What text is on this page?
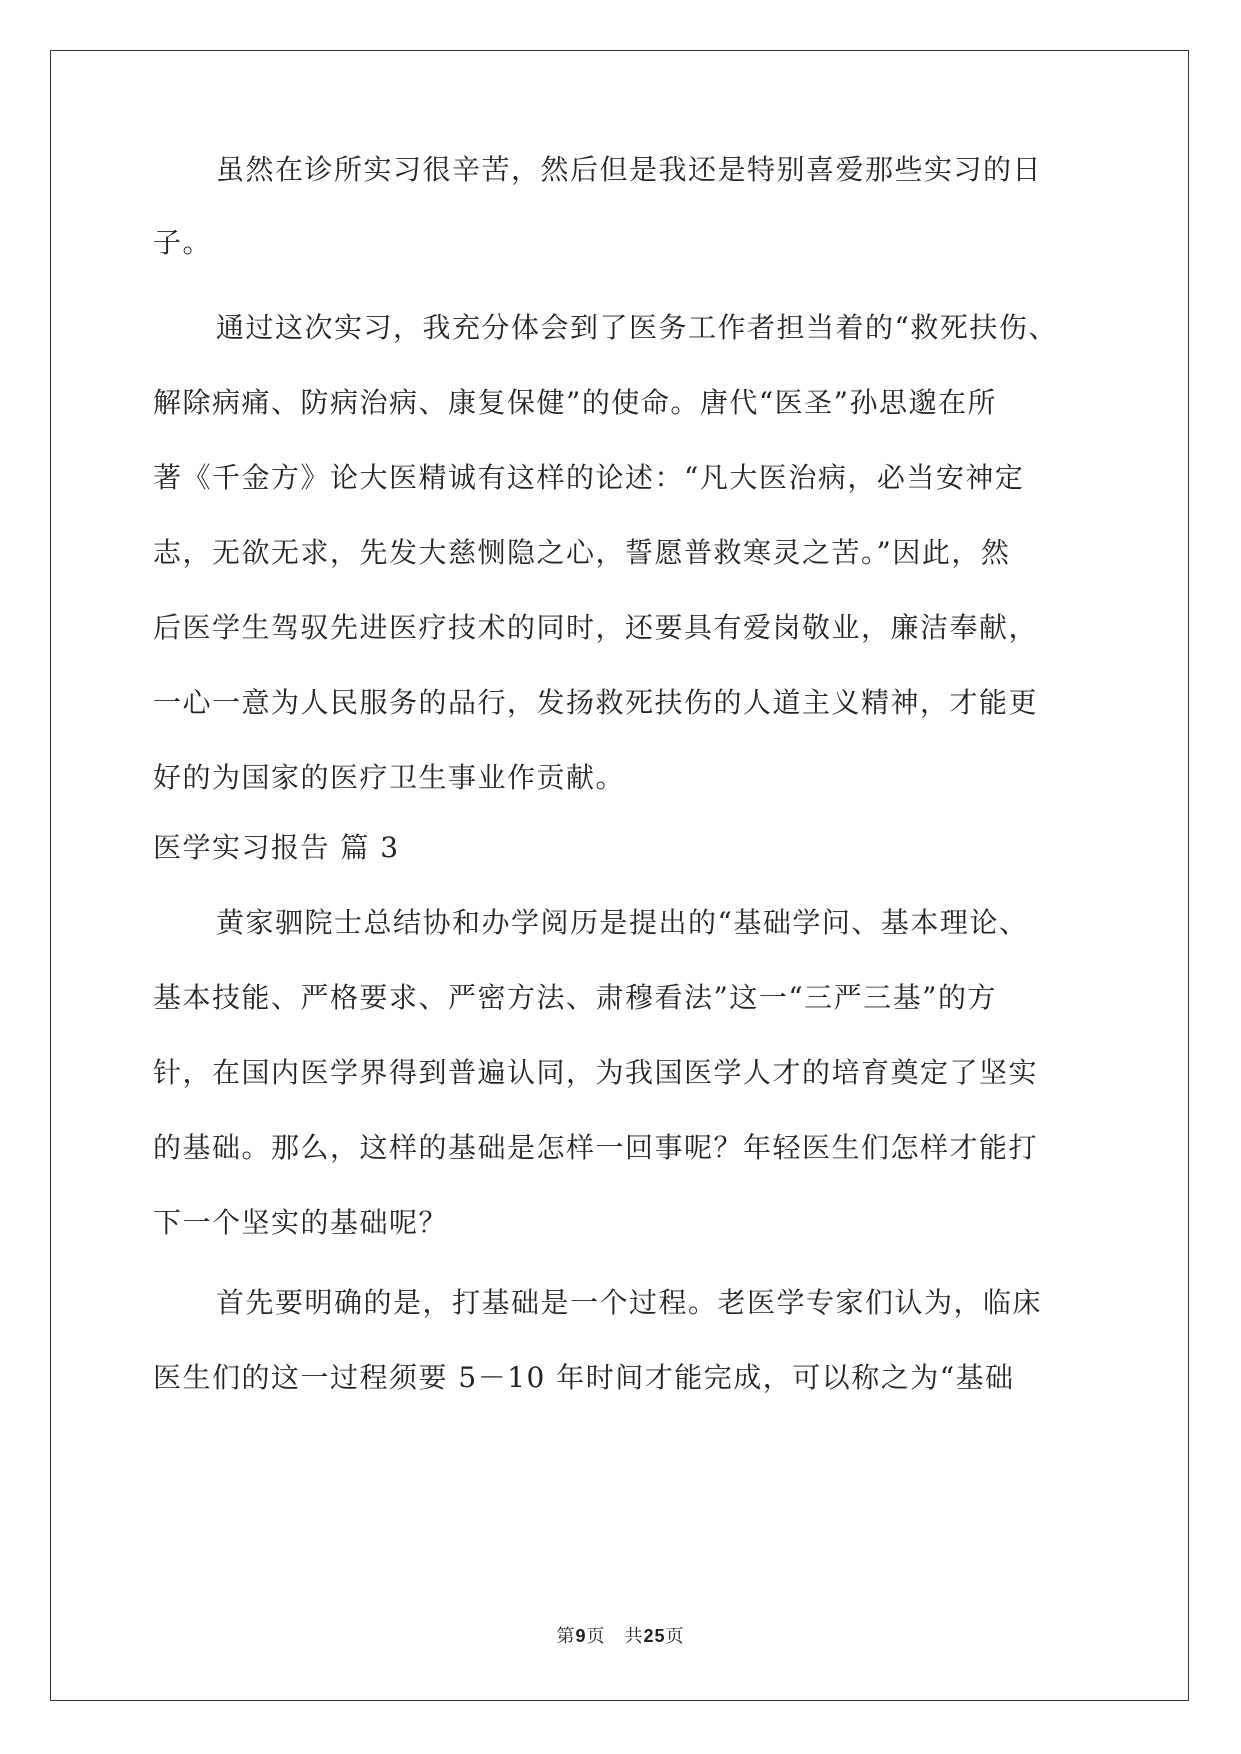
虽然在诊所实习很辛苦，然后但是我还是特别喜爱那些实习的日
子。
通过这次实习，我充分体会到了医务工作者担当着的“救死扶伤、
解除病痛、防病治病、康复保健”的使命。唐代“医圣”孙思邈在所
著《千金方》论大医精诚有这样的论述：“凡大医治病，必当安神定
志，无欲无求，先发大慈恻隐之心，誓愿普救寒灵之苦。”因此，然
后医学生驾驭先进医疗技术的同时，还要具有爱岗敬业，廉洁奉献，
一心一意为人民服务的品行，发扬救死扶伤的人道主义精神，才能更
好的为国家的医疗卫生事业作贡献。
医学实习报告 篇 3
黄家驷院士总结协和办学阅历是提出的“基础学问、基本理论、
基本技能、严格要求、严密方法、肃穆看法”这一“三严三基”的方
针，在国内医学界得到普遍认同，为我国医学人才的培育奠定了坚实
的基础。那么，这样的基础是怎样一回事呢？年轻医生们怎样才能打
下一个坚实的基础呢？
首先要明确的是，打基础是一个过程。老医学专家们认为，临床
医生们的这一过程须要 5－10 年时间才能完成，可以称之为“基础
第9页　共25页
